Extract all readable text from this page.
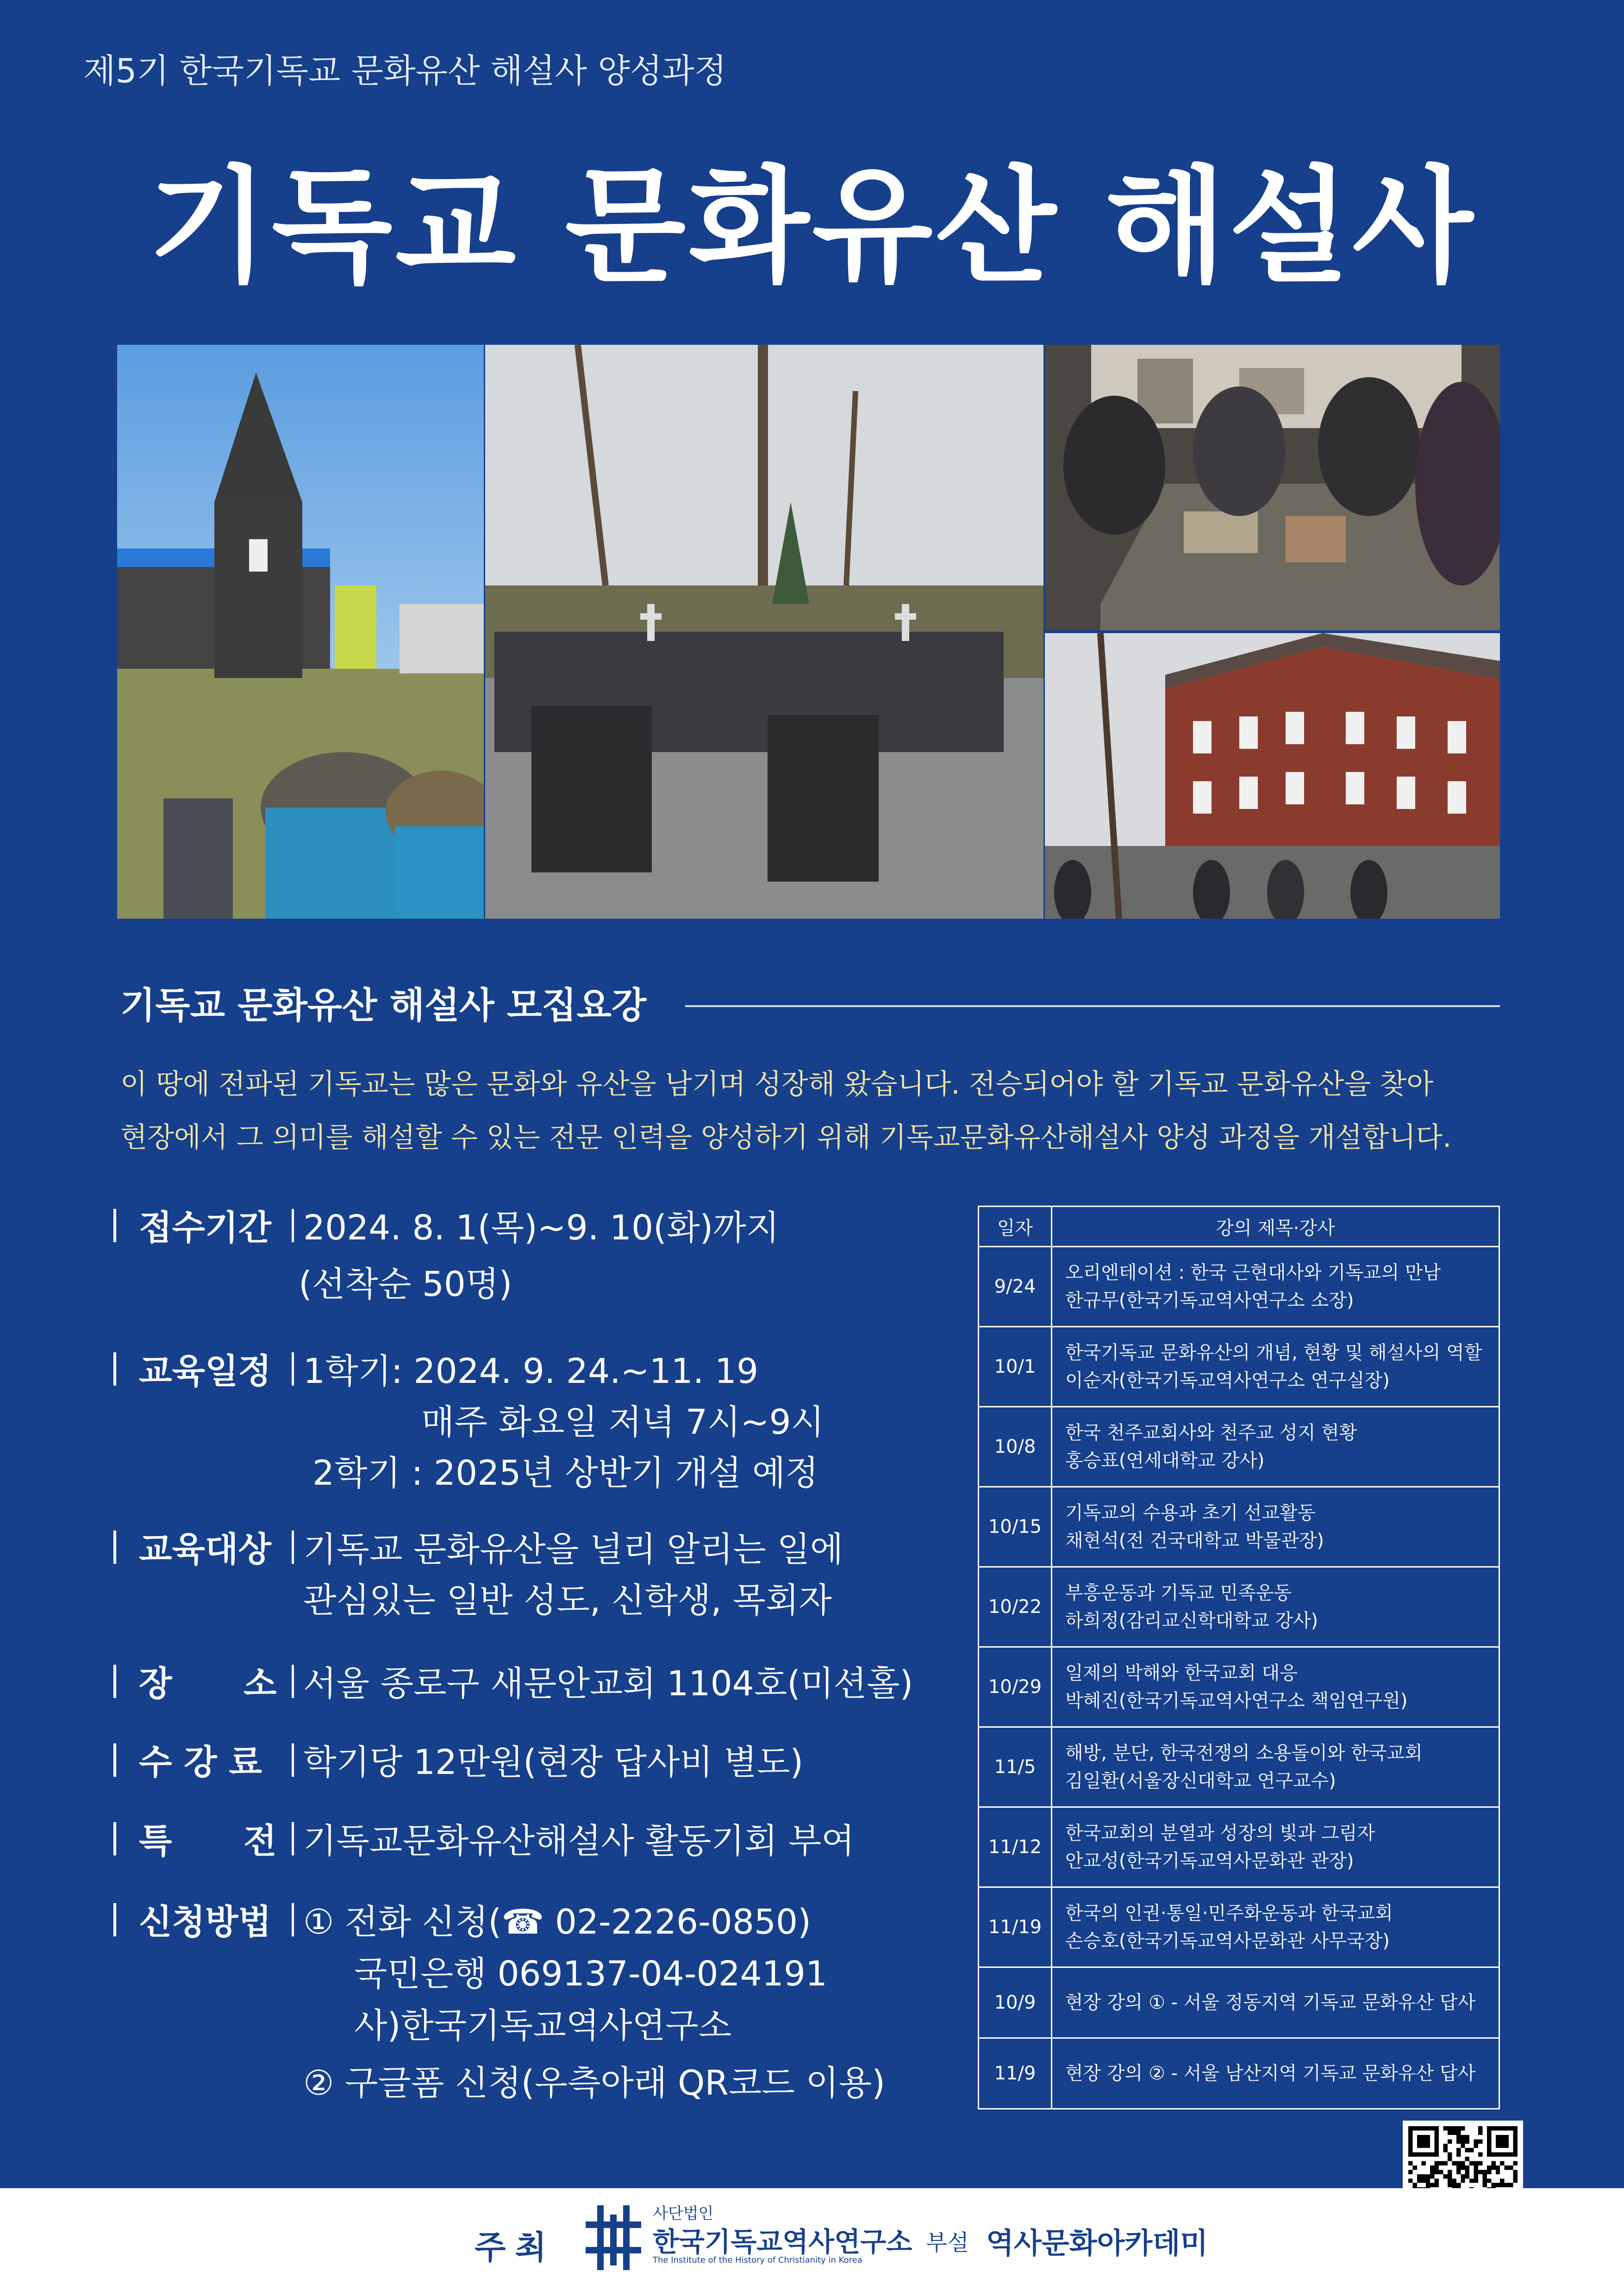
제5기 한국기독교 문화유산 해설사 양성과정
기독교 문화유산 해설사
기독교 문화유산 해설사 모집요강
이 땅에 전파된 기독교는 많은 문화와 유산을 남기며 성장해 왔습니다. 전승되어야 할 기독교 문화유산을 찾아
현장에서 그 의미를 해설할 수 있는 전문 인력을 양성하기 위해 기독교문화유산해설사 양성 과정을 개설합니다.
접수기간 2024. 8. 1(목)~9. 10(화)까지
(선착순 50명)
교육일정 1학기: 2024. 9. 24.~11. 19
매주 화요일 저녁 7시~9시
2학기 : 2025년 상반기 개설 예정
교육대상 기독교 문화유산을 널리 알리는 일에
관심있는 일반 성도, 신학생, 목회자
장      소 서울 종로구 새문안교회 1104호(미션홀)
수 강 료 학기당 12만원(현장 답사비 별도)
특      전 기독교문화유산해설사 활동기회 부여
신청방법 ① 전화 신청(☎ 02-2226-0850)
국민은행 069137-04-024191
사)한국기독교역사연구소
② 구글폼 신청(우측아래 QR코드 이용)
일자	강의 제목·강사
9/24	오리엔테이션 : 한국 근현대사와 기독교의 만남
한규무(한국기독교역사연구소 소장)

10/1	한국기독교 문화유산의 개념, 현황 및 해설사의 역할
이순자(한국기독교역사연구소 연구실장)

10/8	한국 천주교회사와 천주교 성지 현황
홍승표(연세대학교 강사)

10/15	기독교의 수용과 초기 선교활동
채현석(전 건국대학교 박물관장)

10/22	부흥운동과 기독교 민족운동
하희정(감리교신학대학교 강사)

10/29	일제의 박해와 한국교회 대응
박혜진(한국기독교역사연구소 책임연구원)

11/5	해방, 분단, 한국전쟁의 소용돌이와 한국교회
김일환(서울장신대학교 연구교수)

11/12	한국교회의 분열과 성장의 빛과 그림자
안교성(한국기독교역사문화관 관장)

11/19	한국의 인권·통일·민주화운동과 한국교회
손승호(한국기독교역사문화관 사무국장)

10/9	현장 강의 ① - 서울 정동지역 기독교 문화유산 답사

11/9	현장 강의 ② - 서울 남산지역 기독교 문화유산 답사
주최
사단법인
한국기독교역사연구소
The Institute of the History of Christianity in Korea
부설 역사문화아카데미
